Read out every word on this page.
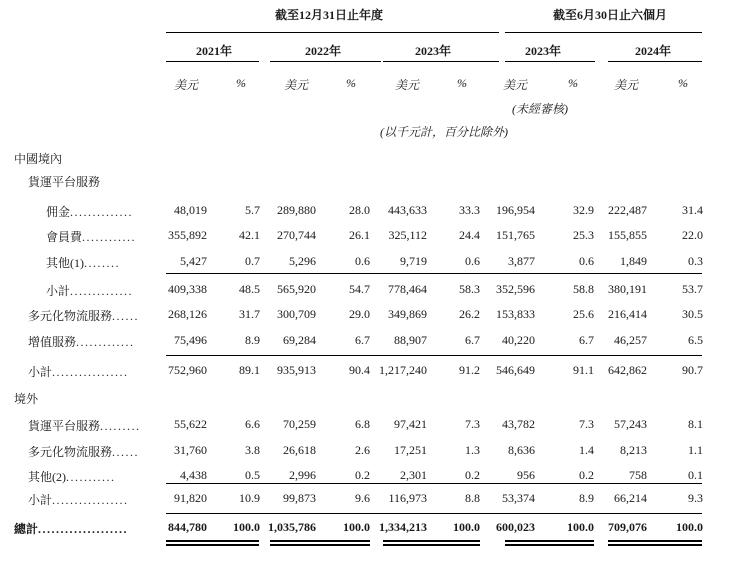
截至12月31日止年度	截至6月30日止六個月
2021年	2022年	2023年	2023年	2024年
美元	%	美元	%	美元	%	美元	%	美元	%
(未經審核)
(以千元計，百分比除外)
中國境內
貨運平台服務
佣金..............	48,019	5.7 289,880	28.0 443,633	33.3 196,954	32.9 222,487	31.4
會員費............	355,892	42.1 270,744	26.1 325,112	24.4 151,765	25.3 155,855	22.0
其他(1)........	5,427	0.7 5,296	0.6	9,719	0.6 3,877	0.6 1,849	0.3
小計..............	409,338	48.5 565,920	54.7 778,464	58.3 352,596	58.8 380,191	53.7
多元化物流服務...... 268,126	31.7 300,709	29.0 349,869	26.2 153,833	25.6 216,414	30.5
增值服務.............	75,496	8.9 69,284	6.7 88,907	6.7 40,220	6.7 46,257	6.5
小計.................	752,960	89.1 935,913	90.4 1,217,240	91.2 546,649	91.1 642,862	90.7
境外
貨運平台服務.........	55,622	6.6 70,259	6.8 97,421	7.3 43,782	7.3 57,243	8.1
多元化物流服務......	31,760	3.8 26,618	2.6 17,251	1.3 8,636	1.4 8,213	1.1
其他(2)...........	4,438	0.5 2,996	0.2	2,301	0.2	956	0.2	758	0.1
小計.................	91,820	10.9 99,873	9.6 116,973	8.8 53,374	8.9 66,214	9.3
總計....................	844,780 100.0 1,035,786 100.0 1,334,213 100.0 600,023	100.0 709,076 100.0
